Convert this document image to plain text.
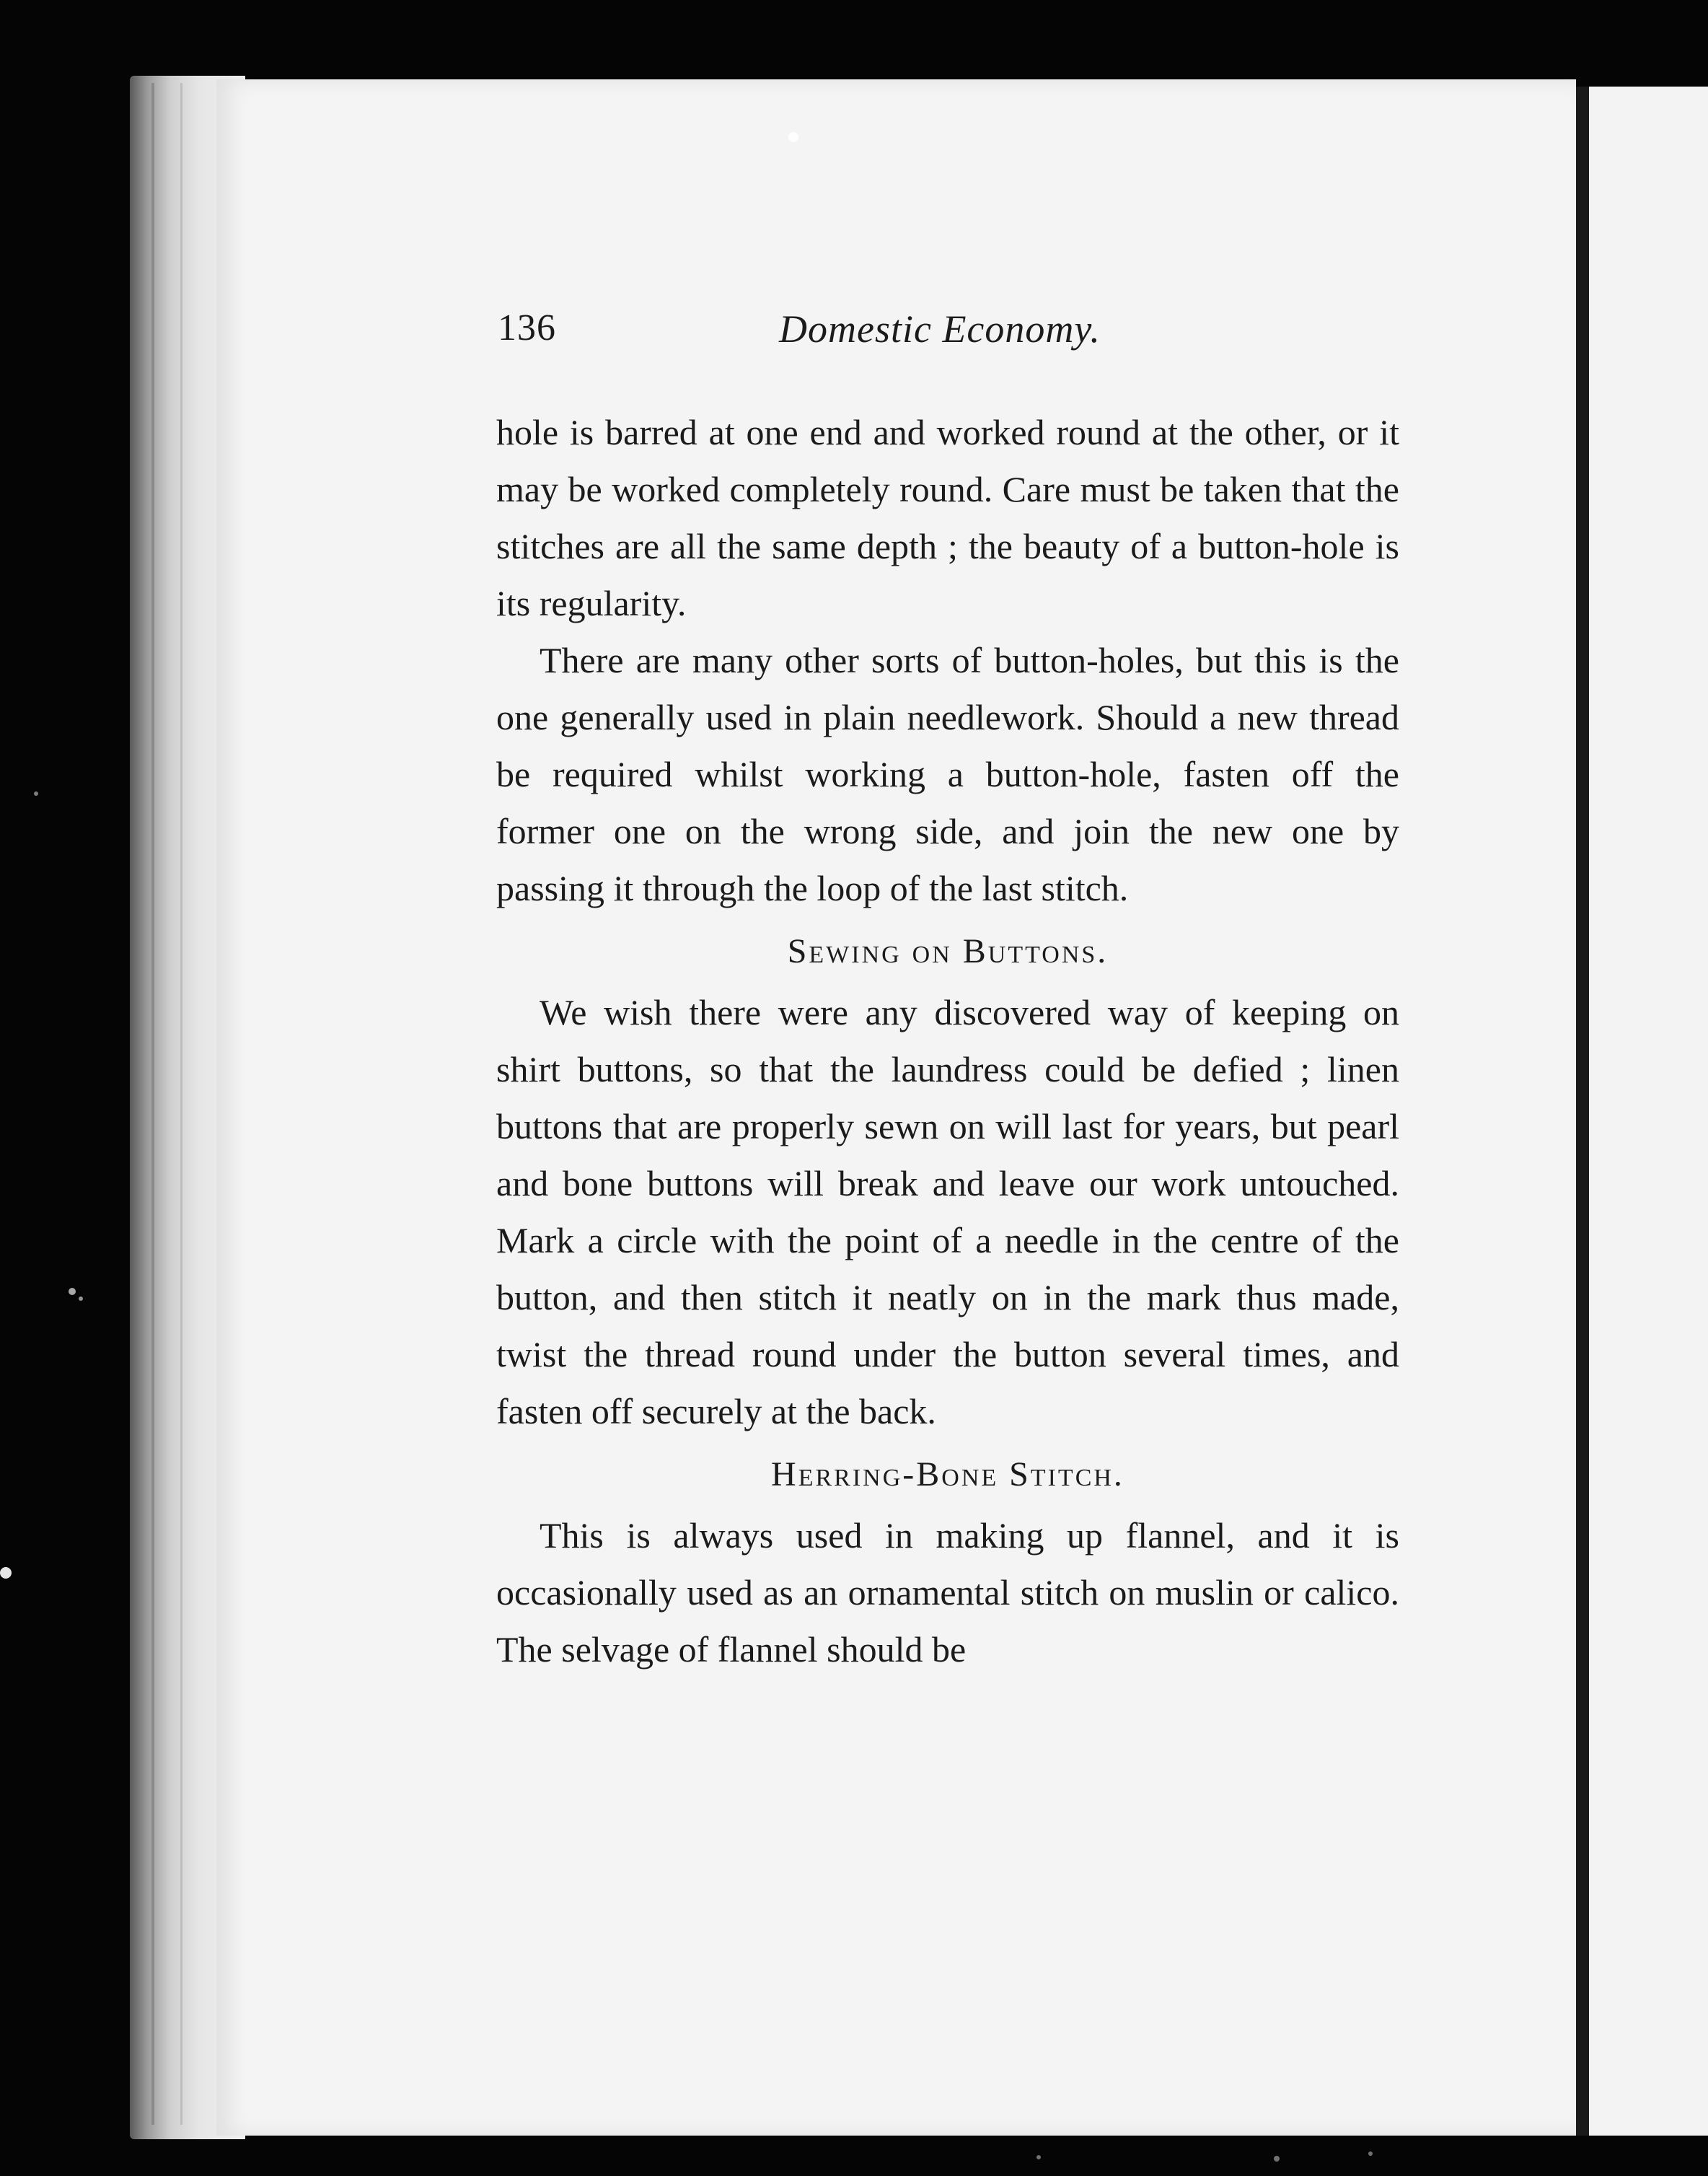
136	Domestic Economy.

hole is barred at one end and worked round at the other, or it may be worked completely round. Care must be taken that the stitches are all the same depth ; the beauty of a button-hole is its regularity.

There are many other sorts of button-holes, but this is the one generally used in plain needlework. Should a new thread be required whilst working a button-hole, fasten off the former one on the wrong side, and join the new one by passing it through the loop of the last stitch.

Sewing on Buttons.

We wish there were any discovered way of keeping on shirt buttons, so that the laundress could be defied ; linen buttons that are properly sewn on will last for years, but pearl and bone buttons will break and leave our work untouched. Mark a circle with the point of a needle in the centre of the button, and then stitch it neatly on in the mark thus made, twist the thread round under the button several times, and fasten off securely at the back.

Herring-Bone Stitch.

This is always used in making up flannel, and it is occasionally used as an ornamental stitch on muslin or calico. The selvage of flannel should be
